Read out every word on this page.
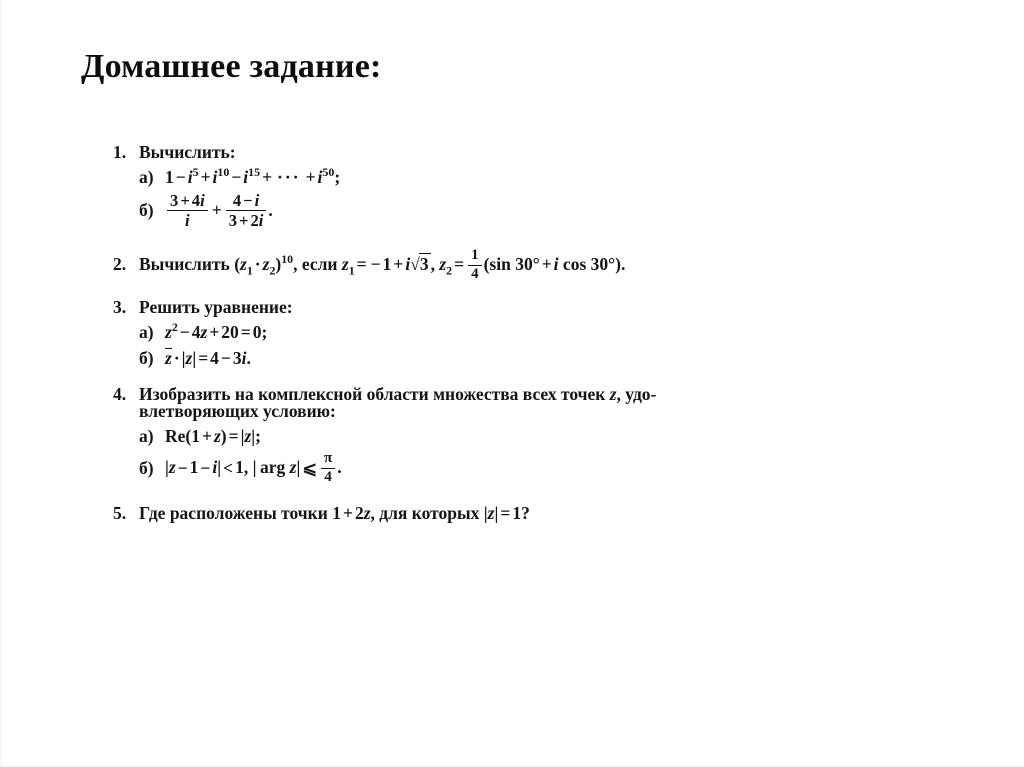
Домашнее задание:
1. Вычислить:
а) $1 - i^5 + i^{10} - i^{15}$ + ··· + $i^{50}$;
$б) \frac{3 + 4i}{i} + \frac{4 - i}{3 + 2i}$ .
2. Вычислить $(z_1 \cdot z_2)^{10}$, если $z_1$ = − 1 + i√3 , $z_2 = \frac{1}{4} (\sin$ 30° + i cos 30°).
3. Решить уравнение:
а) $z^2 - 4z + 20 = 0$;
б) z · |z| = 4 − 3i.
4. Изобразить на комплексной области множества всех точек z, удо-
влетворяющих условию:
а) Re(1 + z) = |z|;
б) |z − 1 − i| < 1, |  arg z| ⩽ $\frac{\pi}{4}$ .
5. Где расположены точки 1 + 2z, для которых |z| = 1?
